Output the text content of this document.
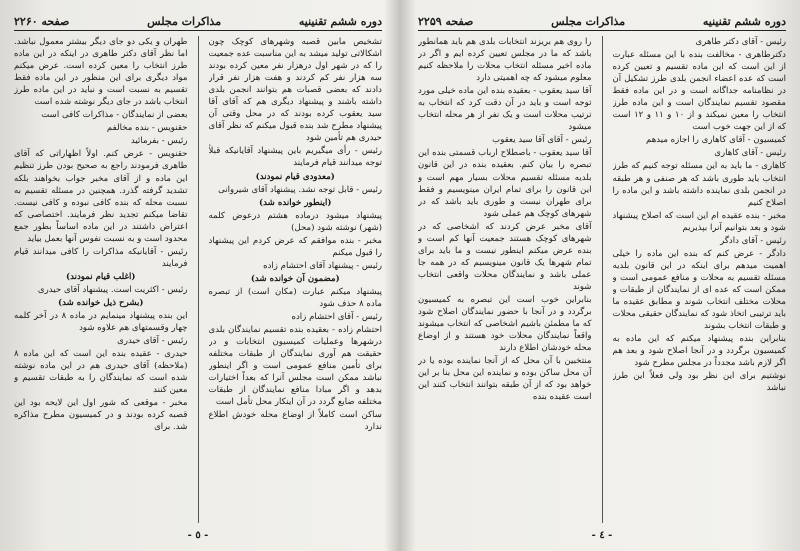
دوره ششم تقنینیه
مذاکرات مجلس
صفحه ۲۲۶۰

تشخیص مابین قصبه وشهرهای کوچک چون اشکالاتی تولید میشد به این مناسبت عده جمعیت را که در شهر اول درهزار نفر معین کرده بودند سه هزار نفر کم کردند و هفت هزار نفر قرار دادند که بعضی قصبات هم بتوانند انجمن بلدی داشته باشند و پیشنهاد دیگری هم که آقای آقا سید یعقوب کرده بودند که در محل وقتی آن پیشنهاد مطرح شد بنده قبول میکنم که نظر آقای حیدری هم تأمین شود

رئیس - رأی میگیریم باین پیشنهاد آقایانیکه قبلاً توجه میدانند قیام فرمایند

(معدودی قیام نمودند)

رئیس - قابل توجه نشد. پیشنهاد آقای شیروانی

(اینطور خوانده شد)

پیشنهاد میشود درماده هشتم درعوض کلمه (شهر) نوشته شود (محل)

مخبر - بنده موافقم که عرض کردم این پیشنهاد را قبول میکنم

رئیس - پیشنهاد آقای احتشام زاده

(مضمون آن خوانده شد)

پیشنهاد میکنم عبارت (مکان است) از تبصره ماده ۸ حذف شود

رئیس - آقای احتشام زاده

احتشام زاده - بعقیده بنده تقسیم نمایندگان بلدی درشهرها وعملیات کمیسیون انتخابات و در حقیقت هم آوری نمایندگان از طبقات مختلفه برای تأمین منافع عمومی است و اگر اینطور نباشد ممکن است مجلس آنرا که بعداً اختیارات بدهد و اگر مبادا منافع نمایندگان از طبقات مختلفه ضایع گردد در آن اینکار محل تأمل است

ساکن است کاملاً از اوضاع محله خودش اطلاع ندارد

طهران و یکی دو جای دیگر بیشتر معمول نباشد. اما نظر آقای دکتر طاهری در اینکه در این ماده طرز انتخاب را معین کرده است. عرض میکنم مواد دیگری برای این منظور در این ماده فقط تقسیم به نسبت است و نباید در این ماده طرز انتخاب باشد در جای دیگر نوشته شده است

بعضی از نمایندگان - مذاکرات کافی است

حقنویس - بنده مخالفم

رئیس - بفرمائید

حقنویس - عرض کنم. اولاً اظهاراتی که آقای طاهری فرمودند راجع به صحیح بودن طرز تنظیم این ماده و از آقای مخبر جواب بخواهند بلکه تشدید گرفته گذرد. همچنین در مسئله تقسیم به نسبت محله که بنده کافی نبوده و کافی نیست. تقاضا میکنم تجدید نظر فرمایند. اختصاصی که اعتراض داشتند در این ماده اساساً بطور جمع محدود است و به نسبت نفوس آنها بعمل بیاید

رئیس - آقایانیکه مذاکرات را کافی میدانند قیام فرمایند

(اغلب قیام نمودند)

رئیس - اکثریت است. پیشنهاد آقای حیدری

(بشرح ذیل خوانده شد)

این بنده پیشنهاد مینمایم در ماده ۸ در آخر کلمه چهار وقسمتهای هم علاوه شود

رئیس - آقای حیدری

حیدری - عقیده بنده این است که این ماده ۸ (ملاحظه) آقای حیدری هم در این ماده نوشته شده است که نمایندگان را به طبقات تقسیم و معین کنند

مخبر - موقعی که شور اول این لایحه بود این قصبه کرده بودند و در کمیسیون مطرح مذاکره شد. برای

- ٥ -
دوره ششم تقنینیه
مذاکرات مجلس
صفحه ۲۲۵۹

رئیس - آقای دکتر طاهری

دکترطاهری - مخالفت بنده با این مسئله عبارت از این است که این ماده تقسیم و تعیین کرده است که عده اعضاء انجمن بلدی طرز تشکیل آن در نظامنامه جداگانه است و در این ماده فقط مقصود تقسیم نمایندگان است و این ماده طرز انتخاب را معین نمیکند و از ۱۰ و ۱۱ و ۱۲ است که از این جهت خوب است

کمیسیون - آقای کاهاری را اجازه میدهم

رئیس - آقای کاهاری

کاهاری - ما باید به این مسئله توجه کنیم که طرز انتخاب باید طوری باشد که هر صنفی و هر طبقه در انجمن بلدی نماینده داشته باشد و این ماده را اصلاح کنیم

مخبر - بنده عقیده ام این است که اصلاح پیشنهاد شود و بعد بتوانیم آنرا بپذیریم

رئیس - آقای دادگر

دادگر - عرض کنم که بنده این ماده را خیلی اهمیت میدهم برای اینکه در این قانون بلدیه مسئله تقسیم به محلات و منافع عمومی است و ممکن است که عده ای از نمایندگان از طبقات و محلات مختلف انتخاب شوند و مطابق عقیده ما باید ترتیبی اتخاذ شود که نمایندگان حقیقی محلات و طبقات انتخاب بشوند

بنابراین بنده پیشنهاد میکنم که این ماده به کمیسیون برگردد و در آنجا اصلاح شود و بعد هم اگر لازم باشد مجدداً در مجلس مطرح شود

نوشتیم برای این نظر بود ولی فعلاً این طرز نباشد

را روی هم بریزند انتخابات بلدی هم باید همانطور باشد که ما در مجلس تعیین کرده ایم و اگر در ماده اخیر مسئله انتخاب محلات را ملاحظه کنیم معلوم میشود که چه اهمیتی دارد

آقا سید یعقوب - بعقیده بنده این ماده خیلی مورد توجه است و باید در آن دقت کرد که انتخاب به ترتیب محلات است و یک نفر از هر محله انتخاب میشود

رئیس - آقای آقا سید یعقوب

آقا سید یعقوب - باصطلاح ارباب قسمتی بنده این تبصره را بیان کنم. بعقیده بنده در این قانون بلدیه مسئله تقسیم محلات بسیار مهم است و این قانون را برای تمام ایران مینویسیم و فقط برای طهران نیست و طوری باید باشد که در شهرهای کوچک هم عملی شود

آقای مخبر عرض کردند که اشخاصی که در شهرهای کوچک هستند جمعیت آنها کم است و بنده عرض میکنم اینطور نیست و ما باید برای تمام شهرها یک قانون مینویسیم که در همه جا عملی باشد و نمایندگان محلات واقعی انتخاب شوند

بنابراین خوب است این تبصره به کمیسیون برگردد و در آنجا با حضور نمایندگان اصلاح شود که ما مطمئن باشیم اشخاصی که انتخاب میشوند واقعاً نمایندگان محلات خود هستند و از اوضاع محله خودشان اطلاع دارند

منتخبین با آن محل که از آنجا نماینده بوده یا در آن محل ساکن بوده و نماینده این محل بنا بر این خواهد بود که از آن طبقه بتوانند انتخاب کنند این است عقیده بنده

- ٤ -
